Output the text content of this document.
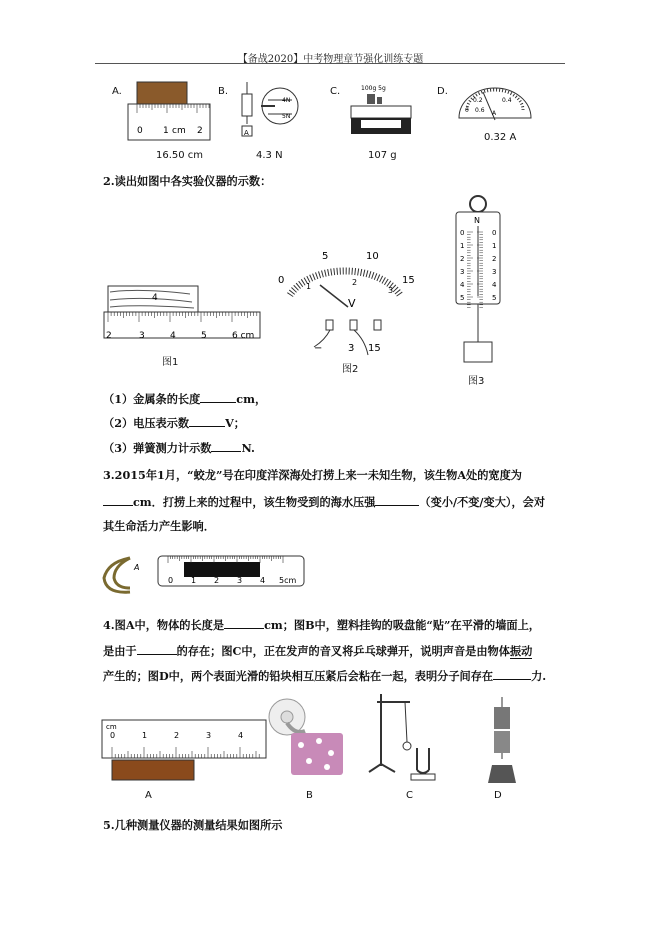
【备战2020】中考物理章节强化训练专题
A.	B.	C.	D.
0 1 cm 2
16.50 cm
A
4N
5N
4.3 N
100g 5g
107 g
0.2	0.4
0.6
0	A
0.32 A
2.读出如图中各实验仪器的示数：
4
2	3	4	5	6 cm
图1
0
5	10
15
1	2
3
V
−	3 15
图2
N
0	0
1	1
2	2
3	3
4	4
5	5
图3
（1）金属条的长度	cm，
（2）电压表示数	V；
（3）弹簧测力计示数	N.
3.2015年1月，“蛟龙”号在印度洋深海处打捞上来一未知生物，该生物A处的宽度为
cm．打捞上来的过程中，该生物受到的海水压强	（变小/不变/变大），会对
其生命活力产生影响．
A
0 1 2 3 4 5cm
4.图A中，物体的长度是	cm；图B中，塑料挂钩的吸盘能“贴”在平滑的墙面上，
是由于	的存在；图C中，正在发声的音叉将乒乓球弹开，说明声音是由物体振动
产生的；图D中，两个表面光滑的铅块相互压紧后会粘在一起，表明分子间存在	力.
cm
0	1	2	3	4
A	B	C	D
5.几种测量仪器的测量结果如图所示
